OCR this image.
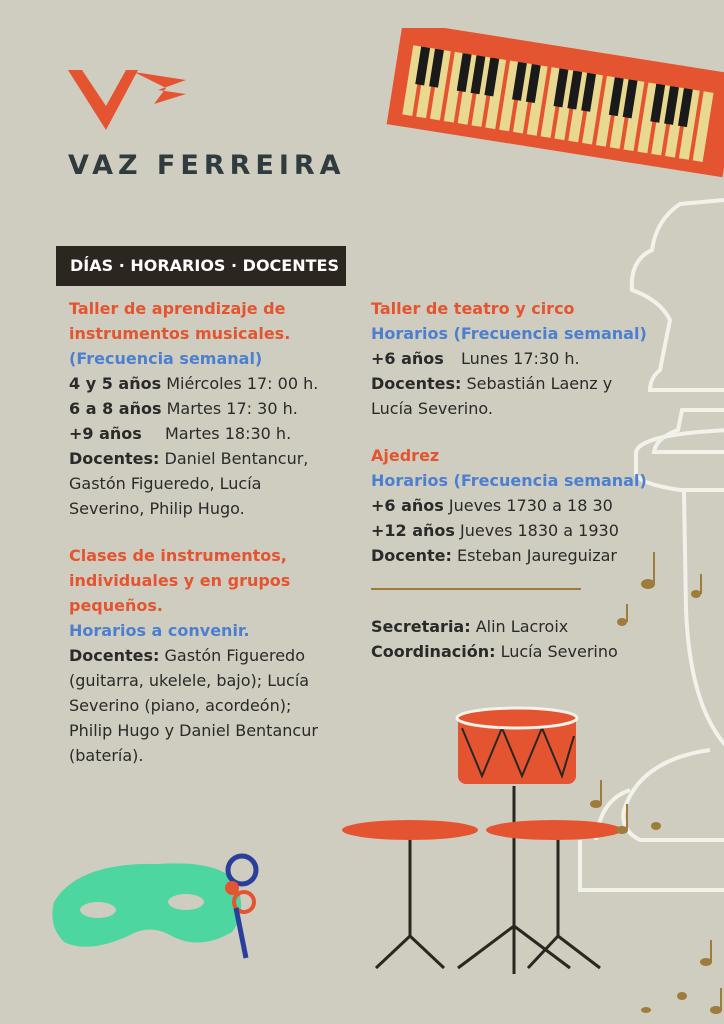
VAZ FERREIRA
DÍAS · HORARIOS · DOCENTES
Taller de aprendizaje de
instrumentos musicales.
(Frecuencia semanal)
4 y 5 años Miércoles 17: 00 h.
6 a 8 años Martes 17: 30 h.
+9 años Martes 18:30 h.
Docentes: Daniel Bentancur,
Gastón Figueredo, Lucía
Severino, Philip Hugo.
Clases de instrumentos,
individuales y en grupos
pequeños.
Horarios a convenir.
Docentes: Gastón Figueredo
(guitarra, ukelele, bajo); Lucía
Severino (piano, acordeón);
Philip Hugo y Daniel Bentancur
(batería).
Taller de teatro y circo
Horarios (Frecuencia semanal)
+6 años Lunes 17:30 h.
Docentes: Sebastián Laenz y
Lucía Severino.
Ajedrez
Horarios (Frecuencia semanal)
+6 años Jueves 1730 a 18 30
+12 años Jueves 1830 a 1930
Docente: Esteban Jaureguizar
Secretaria: Alin Lacroix
Coordinación: Lucía Severino
